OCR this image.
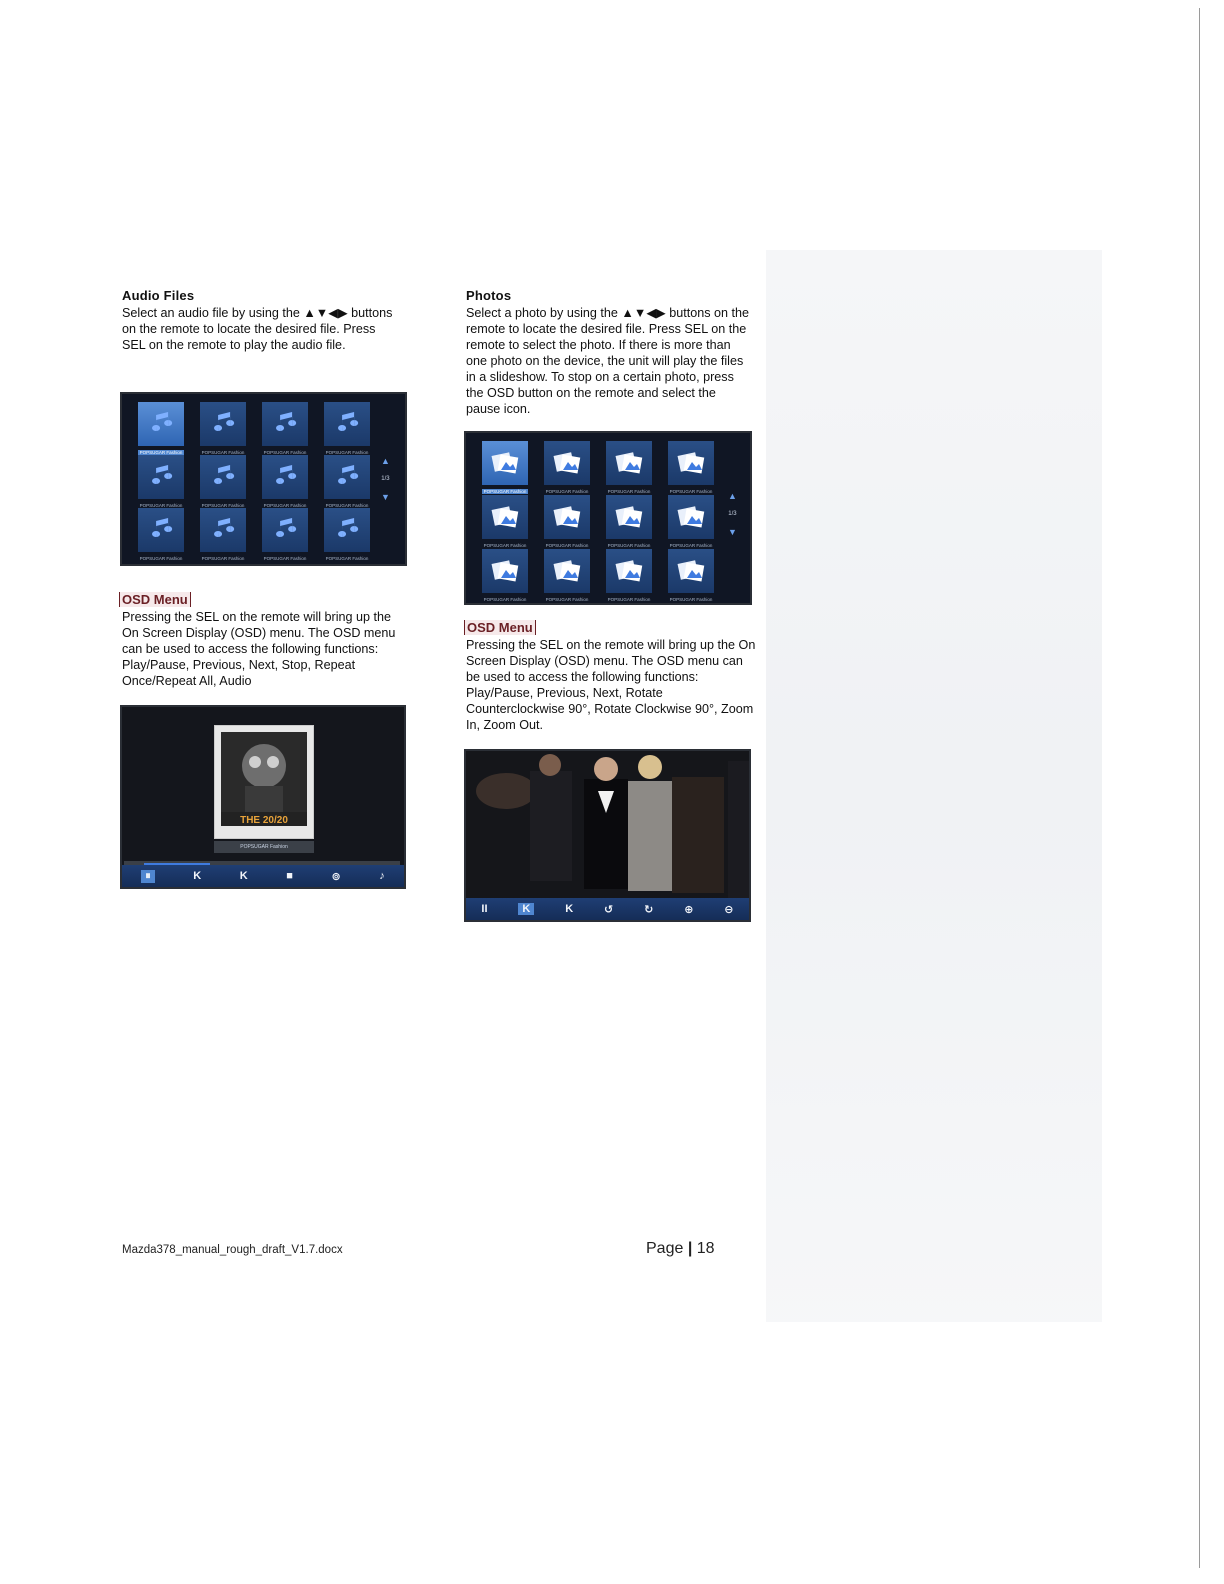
Audio Files
Select an audio file by using the ▲▼◀▶ buttons on the remote to locate the desired file. Press SEL on the remote to play the audio file.
POPSUGAR Fashion	POPSUGAR Fashion	POPSUGAR Fashion	POPSUGAR Fashion
POPSUGAR Fashion	POPSUGAR Fashion	POPSUGAR Fashion	POPSUGAR Fashion
POPSUGAR Fashion	POPSUGAR Fashion	POPSUGAR Fashion	POPSUGAR Fashion
▲
1/3
▼
OSD Menu
Pressing the SEL on the remote will bring up the On Screen Display (OSD) menu. The OSD menu can be used to access the following functions: Play/Pause, Previous, Next, Stop, Repeat Once/Repeat All, Audio
THE 20/20
POPSUGAR Fashion
⏸	K	K	■	⊚	♪
Photos
Select a photo by using the ▲▼◀▶ buttons on the remote to locate the desired file. Press SEL on the remote to select the photo. If there is more than one photo on the device, the unit will play the files in a slideshow. To stop on a certain photo, press the OSD button on the remote and select the pause icon.
POPSUGAR Fashion	POPSUGAR Fashion	POPSUGAR Fashion	POPSUGAR Fashion
POPSUGAR Fashion	POPSUGAR Fashion	POPSUGAR Fashion	POPSUGAR Fashion
POPSUGAR Fashion	POPSUGAR Fashion	POPSUGAR Fashion	POPSUGAR Fashion
▲
1/3
▼
OSD Menu
Pressing the SEL on the remote will bring up the On Screen Display (OSD) menu. The OSD menu can be used to access the following functions: Play/Pause, Previous, Next, Rotate Counterclockwise 90°, Rotate Clockwise 90°, Zoom In, Zoom Out.
II	K	K	↺	↻	⊕	⊖
Mazda378_manual_rough_draft_V1.7.docx	Page | 18
